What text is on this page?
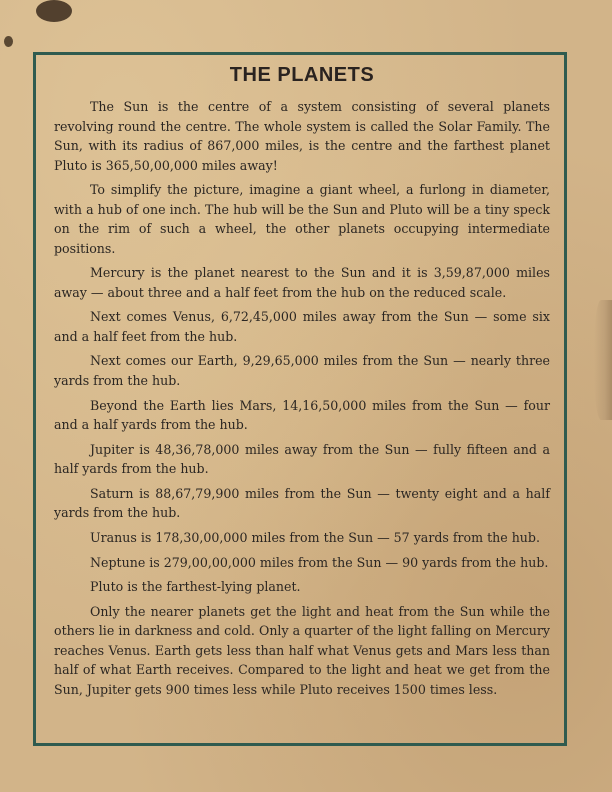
THE PLANETS

The Sun is the centre of a system consisting of several planets revolving round the centre. The whole system is called the Solar Family. The Sun, with its radius of 867,000 miles, is the centre and the farthest planet Pluto is 365,50,00,000 miles away!

To simplify the picture, imagine a giant wheel, a furlong in diameter, with a hub of one inch. The hub will be the Sun and Pluto will be a tiny speck on the rim of such a wheel, the other planets occupying intermediate positions.

Mercury is the planet nearest to the Sun and it is 3,59,87,000 miles away — about three and a half feet from the hub on the reduced scale.

Next comes Venus, 6,72,45,000 miles away from the Sun — some six and a half feet from the hub.

Next comes our Earth, 9,29,65,000 miles from the Sun — nearly three yards from the hub.

Beyond the Earth lies Mars, 14,16,50,000 miles from the Sun — four and a half yards from the hub.

Jupiter is 48,36,78,000 miles away from the Sun — fully fifteen and a half yards from the hub.

Saturn is 88,67,79,900 miles from the Sun — twenty eight and a half yards from the hub.

Uranus is 178,30,00,000 miles from the Sun — 57 yards from the hub.

Neptune is 279,00,00,000 miles from the Sun — 90 yards from the hub.

Pluto is the farthest-lying planet.

Only the nearer planets get the light and heat from the Sun while the others lie in darkness and cold. Only a quarter of the light falling on Mercury reaches Venus. Earth gets less than half what Venus gets and Mars less than half of what Earth receives. Compared to the light and heat we get from the Sun, Jupiter gets 900 times less while Pluto receives 1500 times less.
